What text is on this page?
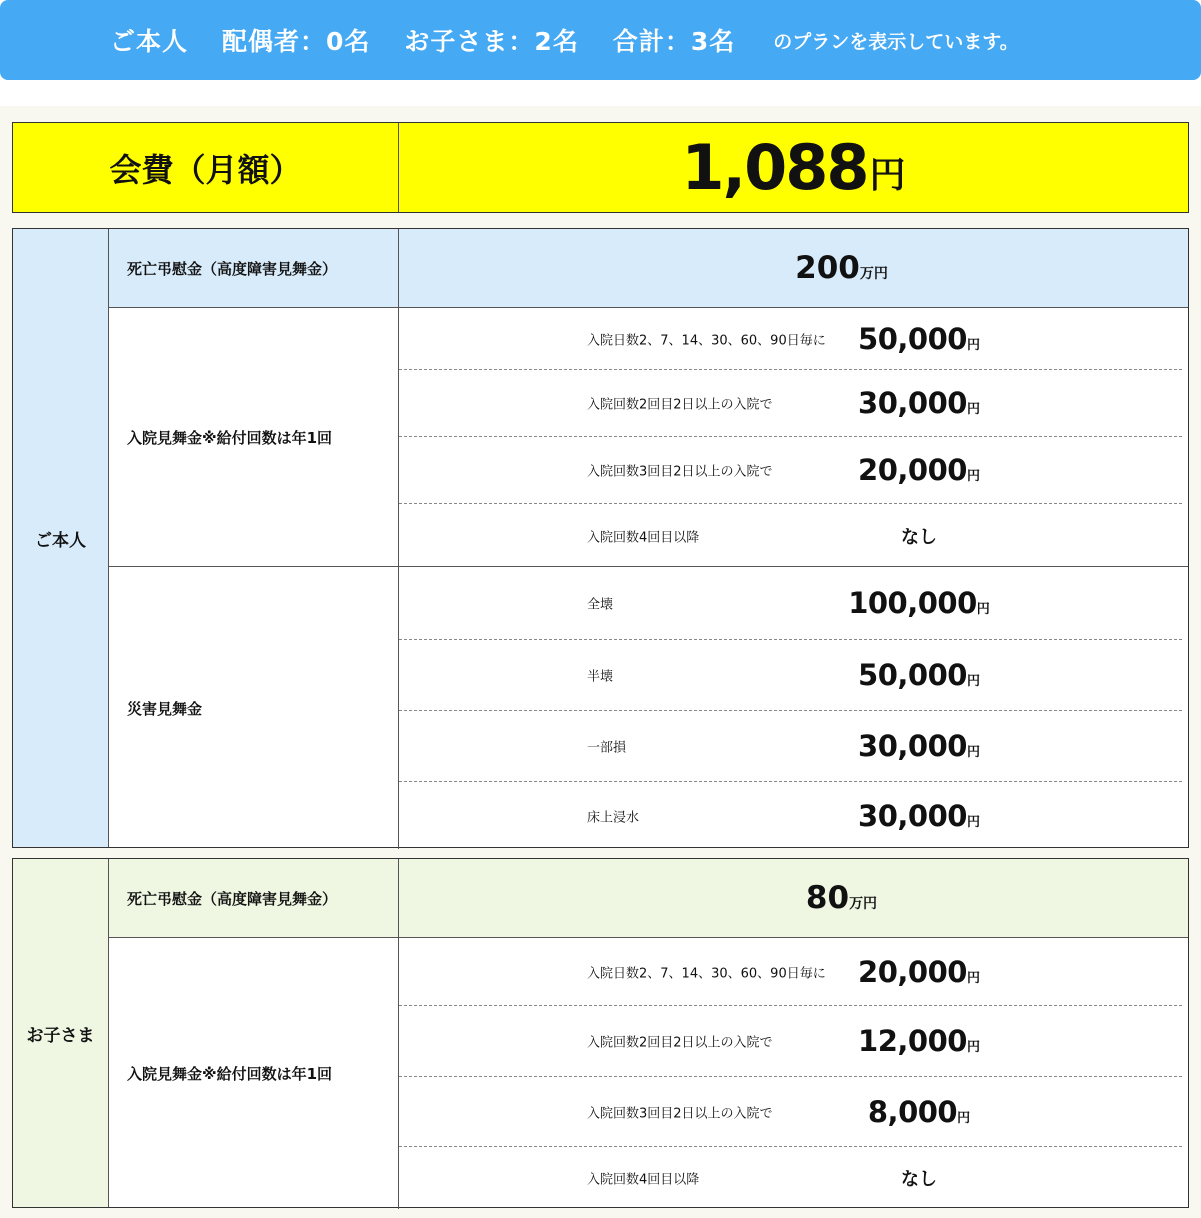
ご本人 配偶者：0名 お子さま：2名 合計：3名 のプランを表示しています。
会費（月額）	1,088 円
ご本人
死亡弔慰金（高度障害見舞金）	200 万円
入院見舞金※給付回数は年1回
入院日数2、7、14、30、60、90日毎に	50,000円
入院回数2回目2日以上の入院で	30,000円
入院回数3回目2日以上の入院で	20,000円
入院回数4回目以降	なし
災害見舞金
全壊	100,000円
半壊	50,000円
一部損	30,000円
床上浸水	30,000円
お子さま
死亡弔慰金（高度障害見舞金）	80 万円
入院見舞金※給付回数は年1回
入院日数2、7、14、30、60、90日毎に	20,000円
入院回数2回目2日以上の入院で	12,000円
入院回数3回目2日以上の入院で	8,000円
入院回数4回目以降	なし
